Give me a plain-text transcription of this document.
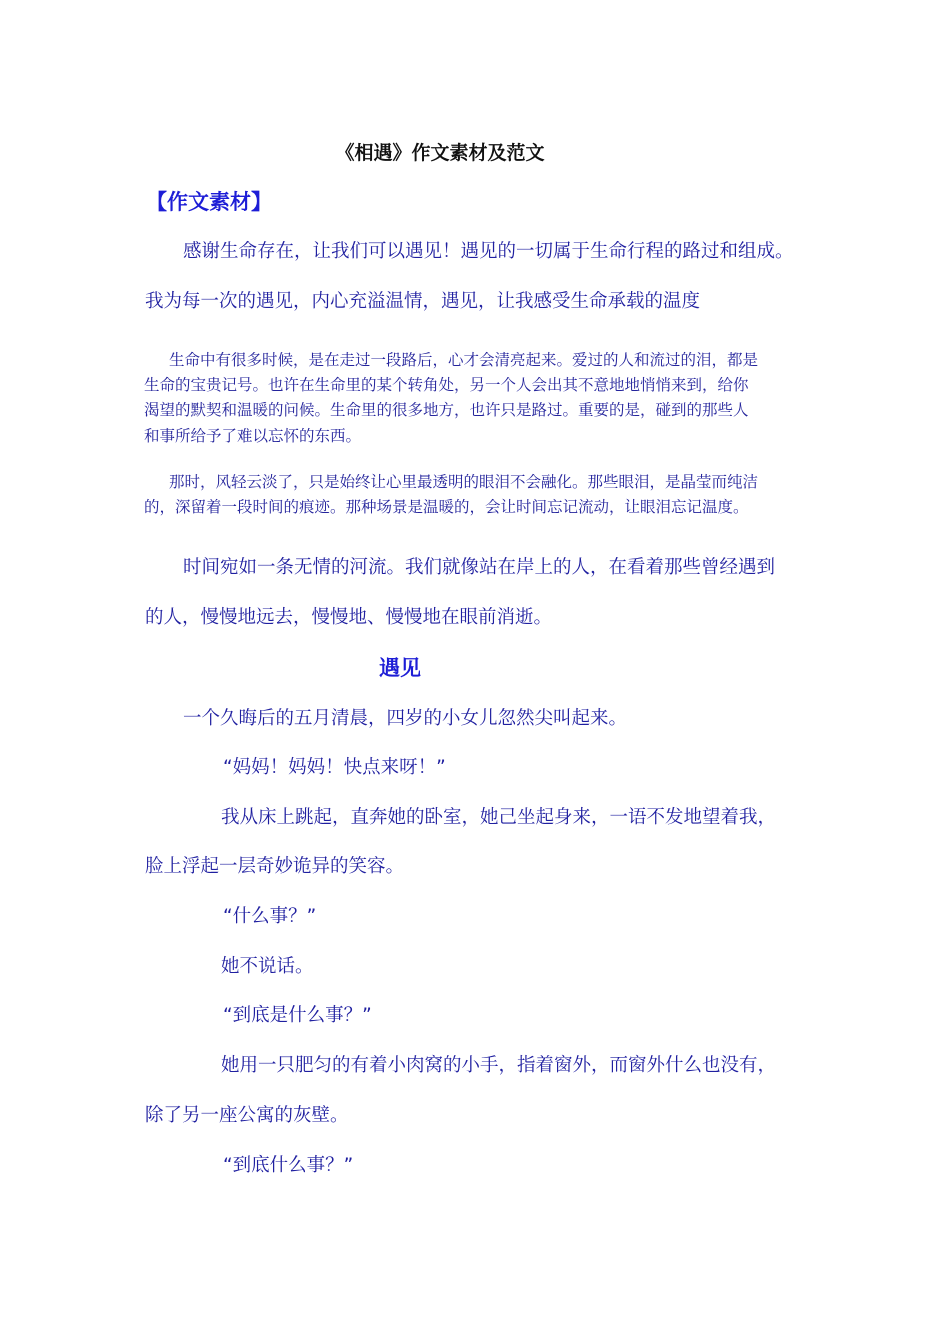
《相遇》作文素材及范文
【作文素材】

感谢生命存在，让我们可以遇见！遇见的一切属于生命行程的路过和组成。

我为每一次的遇见，内心充溢温情，遇见，让我感受生命承载的温度

生命中有很多时候，是在走过一段路后，心才会清亮起来。爱过的人和流过的泪，都是

生命的宝贵记号。也许在生命里的某个转角处，另一个人会出其不意地地悄悄来到，给你

渴望的默契和温暖的问候。生命里的很多地方，也许只是路过。重要的是，碰到的那些人

和事所给予了难以忘怀的东西。

那时，风轻云淡了，只是始终让心里最透明的眼泪不会融化。那些眼泪，是晶莹而纯洁

的，深留着一段时间的痕迹。那种场景是温暖的，会让时间忘记流动，让眼泪忘记温度。

时间宛如一条无情的河流。我们就像站在岸上的人，在看着那些曾经遇到

的人，慢慢地远去，慢慢地、慢慢地在眼前消逝。

遇见

一个久晦后的五月清晨，四岁的小女儿忽然尖叫起来。

“妈妈！妈妈！快点来呀！”

我从床上跳起，直奔她的卧室，她己坐起身来，一语不发地望着我，

脸上浮起一层奇妙诡异的笑容。

“什么事？”

她不说话。

“到底是什么事？”

她用一只肥匀的有着小肉窝的小手，指着窗外，而窗外什么也没有，

除了另一座公寓的灰壁。

“到底什么事？”
